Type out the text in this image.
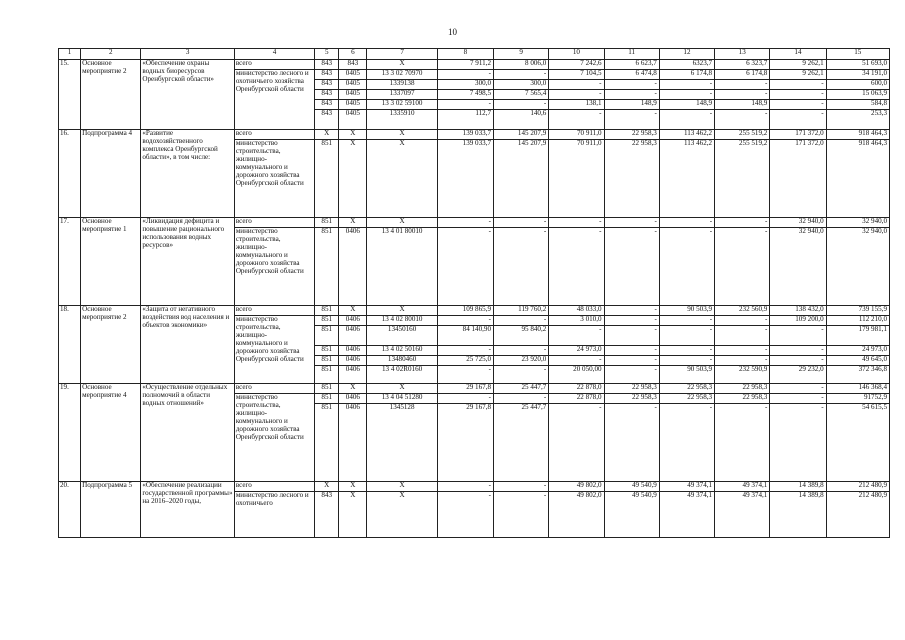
10
1	2	3	4	5	6	7	8	9	10	11	12	13	14	15
15.	Основное мероприятие 2	«Обеспечение охраны водных биоресурсов Оренбургской области»	всего	843	843	X	7 911,2	8 006,0	7 242,6	6 623,7	6323,7	6 323,7	9 262,1	51 693,0
			министерство лесного и охотничьего хозяйства Оренбургской области	843	0405	13 3 02 70970	-	-	7 104,5	6 474,8	6 174,8	6 174,8	9 262,1	34 191,0
				843	0405	1339138	300,0	300,0	-	-	-	-	-	600,0
				843	0405	1337097	7 498,5	7 565,4	-	-	-	-	-	15 063,9
				843	0405	13 3 02 59100	-	-	138,1	148,9	148,9	148,9	-	584,8
				843	0405	1335910	112,7	140,6	-	-	-	-	-	253,3
16.	Подпрограмма 4	«Развитие водохозяйственного комплекса Оренбургской области», в том числе:	всего	X	X	X	139 033,7	145 207,9	70 911,0	22 958,3	113 462,2	255 519,2	171 372,0	918 464,3
			министерство строительства, жилищно-коммунального и дорожного хозяйства Оренбургской области	851	X	X	139 033,7	145 207,9	70 911,0	22 958,3	113 462,2	255 519,2	171 372,0	918 464,3
17.	Основное мероприятие 1	«Ликвидация дефицита и повышение рационального использования водных ресурсов»	всего	851	X	X	-	-	-	-	-	-	32 940,0	32 940,0
			министерство строительства, жилищно-коммунального и дорожного хозяйства Оренбургской области	851	0406	13 4 01 80010	-	-	-	-	-	-	32 940,0	32 940,0
18.	Основное мероприятие 2	«Защита от негативного воздействия вод населения и объектов экономики»	всего	851	X	X	109 865,9	119 760,2	48 033,0	-	90 503,9	232 560,9	138 432,0	739 155,9
			министерство строительства, жилищно-коммунального и дорожного хозяйства Оренбургской области	851	0406	13 4 02 80010	-	-	3 010,0	-	-	-	109 200,0	112 210,0
				851	0406	13450160	84 140,90	95 840,2	-	-	-	-	-	179 981,1
				851	0406	13 4 02 50160	-	-	24 973,0	-	-	-	-	24 973,0
				851	0406	13480460	25 725,0	23 920,0	-	-	-	-	-	49 645,0
				851	0406	13 4 02R0160	-	-	20 050,00	-	90 503,9	232 590,9	29 232,0	372 346,8
19.	Основное мероприятие 4	«Осуществление отдельных полномочий в области водных отношений»	всего	851	X	X	29 167,8	25 447,7	22 878,0	22 958,3	22 958,3	22 958,3	-	146 368,4
			министерство строительства, жилищно-коммунального и дорожного хозяйства Оренбургской области	851	0406	13 4 04 51280	-	-	22 878,0	22 958,3	22 958,3	22 958,3	-	91752,9
				851	0406	1345128	29 167,8	25 447,7	-	-	-	-	-	54 615,5
20.	Подпрограмма 5	«Обеспечение реализации государственной программы» на 2016–2020 годы,	всего	X	X	X	-	-	49 802,0	49 540,9	49 374,1	49 374,1	14 389,8	212 480,9
			министерство лесного и охотничьего	843	X	X	-	-	49 802,0	49 540,9	49 374,1	49 374,1	14 389,8	212 480,9
